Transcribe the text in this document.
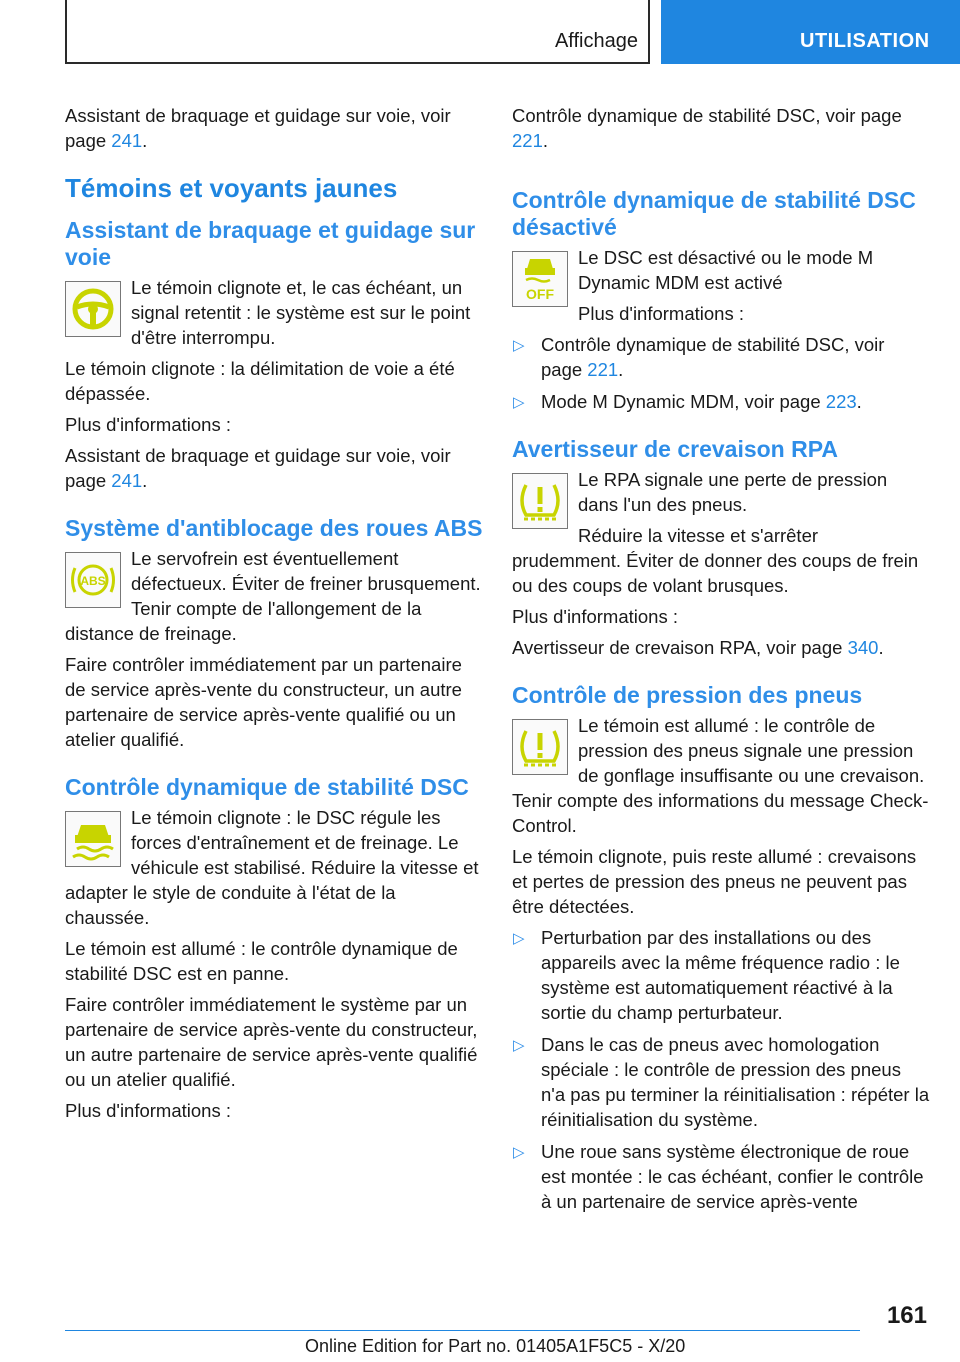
Affichage	UTILISATION

Assistant de braquage et guidage sur voie, voir page 241.

Témoins et voyants jaunes
Assistant de braquage et guidage sur voie

Le témoin clignote et, le cas échéant, un signal retentit : le système est sur le point d'être interrompu.

Le témoin clignote : la délimitation de voie a été dépassée.

Plus d'informations :

Assistant de braquage et guidage sur voie, voir page 241.

Système d'antiblocage des roues ABS
ABS

Le servofrein est éventuellement défectueux. Éviter de freiner brusquement. Tenir compte de l'allongement de la distance de freinage.

Faire contrôler immédiatement par un partenaire de service après-vente du constructeur, un autre partenaire de service après-vente qualifié ou un atelier qualifié.

Contrôle dynamique de stabilité DSC

Le témoin clignote : le DSC régule les forces d'entraînement et de freinage. Le véhicule est stabilisé. Réduire la vitesse et adapter le style de conduite à l'état de la chaussée.

Le témoin est allumé : le contrôle dynamique de stabilité DSC est en panne.

Faire contrôler immédiatement le système par un partenaire de service après-vente du constructeur, un autre partenaire de service après-vente qualifié ou un atelier qualifié.

Plus d'informations :

Contrôle dynamique de stabilité DSC, voir page 221.

Contrôle dynamique de stabilité DSC désactivé
OFF

Le DSC est désactivé ou le mode M Dynamic MDM est activé

Plus d'informations :

▷ Contrôle dynamique de stabilité DSC, voir page 221.
▷ Mode M Dynamic MDM, voir page 223.
Avertisseur de crevaison RPA

Le RPA signale une perte de pression dans l'un des pneus.

Réduire la vitesse et s'arrêter prudemment. Éviter de donner des coups de frein ou des coups de volant brusques.

Plus d'informations :

Avertisseur de crevaison RPA, voir page 340.

Contrôle de pression des pneus

Le témoin est allumé : le contrôle de pression des pneus signale une pression de gonflage insuffisante ou une crevaison. Tenir compte des informations du message Check-Control.

Le témoin clignote, puis reste allumé : crevaisons et pertes de pression des pneus ne peuvent pas être détectées.

▷ Perturbation par des installations ou des appareils avec la même fréquence radio : le système est automatiquement réactivé à la sortie du champ perturbateur.
▷ Dans le cas de pneus avec homologation spéciale : le contrôle de pression des pneus n'a pas pu terminer la réinitialisation : répéter la réinitialisation du système.
▷ Une roue sans système électronique de roue est montée : le cas échéant, confier le contrôle à un partenaire de service après-vente
161
Online Edition for Part no. 01405A1F5C5 - X/20
